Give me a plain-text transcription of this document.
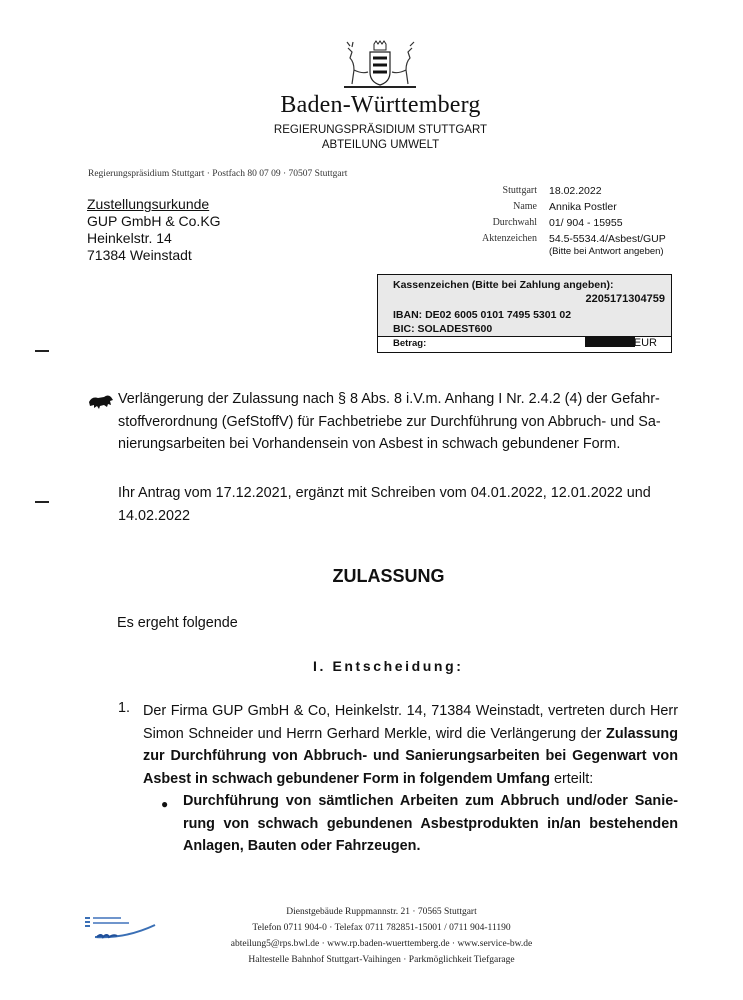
Baden-Württemberg
REGIERUNGSPRÄSIDIUM STUTTGART
ABTEILUNG UMWELT
Regierungspräsidium Stuttgart · Postfach 80 07 09 · 70507 Stuttgart
Zustellungsurkunde
GUP GmbH & Co.KG
Heinkelstr. 14
71384 Weinstadt
Stuttgart	18.02.2022
Name	Annika Postler
Durchwahl	01/ 904 - 15955
Aktenzeichen	54.5-5534.4/Asbest/GUP
(Bitte bei Antwort angeben)
Kassenzeichen (Bitte bei Zahlung angeben):
2205171304759
IBAN: DE02 6005 0101 7495 5301 02
BIC: SOLADEST600
Betrag:	EUR

Verlängerung der Zulassung nach § 8 Abs. 8 i.V.m. Anhang I Nr. 2.4.2 (4) der Gefahr-stoffverordnung (GefStoffV) für Fachbetriebe zur Durchführung von Abbruch- und Sa-nierungsarbeiten bei Vorhandensein von Asbest in schwach gebundener Form.

Ihr Antrag vom 17.12.2021, ergänzt mit Schreiben vom 04.01.2022, 12.01.2022 und 14.02.2022
ZULASSUNG
Es ergeht folgende
I. Entscheidung:
1. Der Firma GUP GmbH & Co, Heinkelstr. 14, 71384 Weinstadt, vertreten durch Herr Simon Schneider und Herrn Gerhard Merkle, wird die Verlängerung der Zulassung zur Durchführung von Abbruch- und Sanierungsarbeiten bei Gegenwart von Asbest in schwach gebundener Form in folgendem Umfang erteilt:
● Durchführung von sämtlichen Arbeiten zum Abbruch und/oder Sanie-rung von schwach gebundenen Asbestprodukten in/an bestehenden Anlagen, Bauten oder Fahrzeugen.
Dienstgebäude Ruppmannstr. 21 · 70565 Stuttgart
Telefon 0711 904-0 · Telefax 0711 782851-15001 / 0711 904-11190
abteilung5@rps.bwl.de · www.rp.baden-wuerttemberg.de · www.service-bw.de
Haltestelle Bahnhof Stuttgart-Vaihingen · Parkmöglichkeit Tiefgarage
